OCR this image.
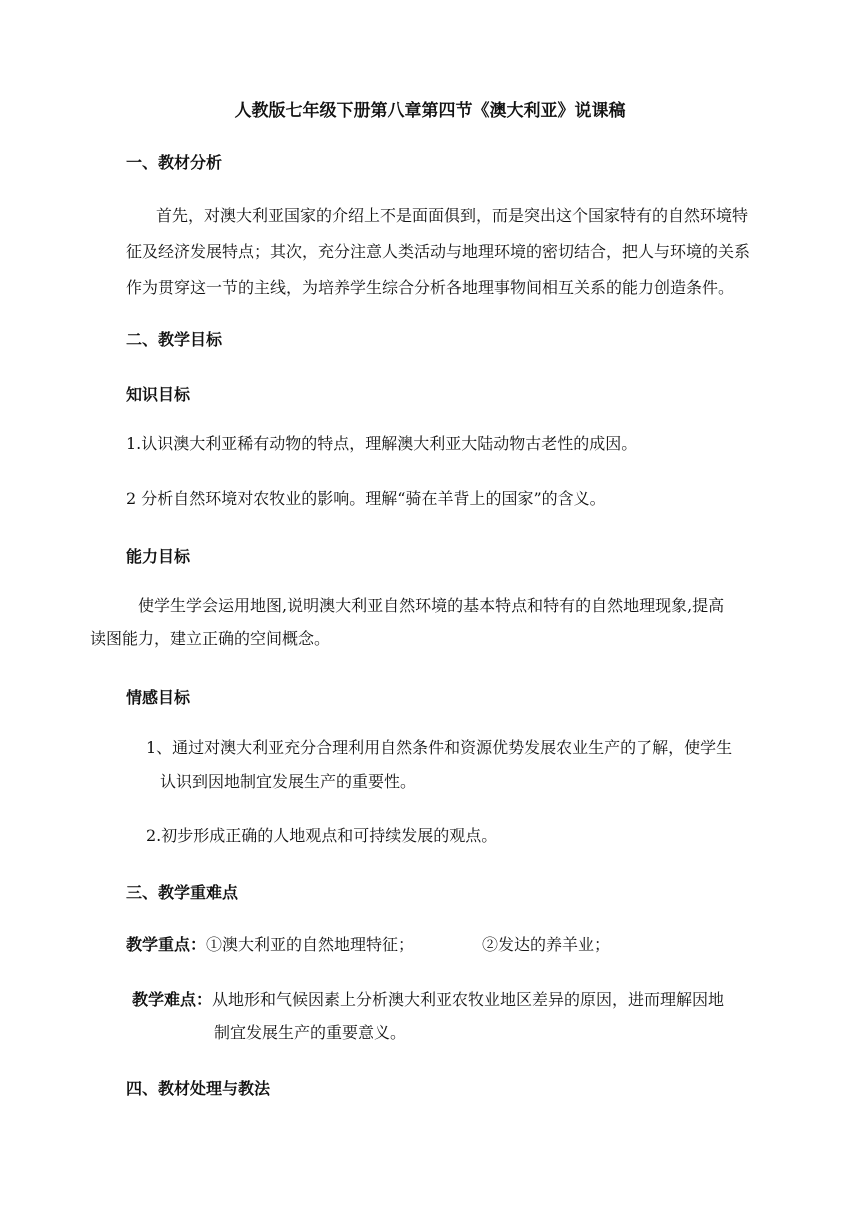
人教版七年级下册第八章第四节《澳大利亚》说课稿
一、教材分析
首先，对澳大利亚国家的介绍上不是面面俱到，而是突出这个国家特有的自然环境特
征及经济发展特点；其次，充分注意人类活动与地理环境的密切结合，把人与环境的关系
作为贯穿这一节的主线，为培养学生综合分析各地理事物间相互关系的能力创造条件。
二、教学目标
知识目标
1.认识澳大利亚稀有动物的特点，理解澳大利亚大陆动物古老性的成因。
2 分析自然环境对农牧业的影响。理解“骑在羊背上的国家”的含义。
能力目标
使学生学会运用地图,说明澳大利亚自然环境的基本特点和特有的自然地理现象,提高
读图能力，建立正确的空间概念。
情感目标
1、通过对澳大利亚充分合理利用自然条件和资源优势发展农业生产的了解，使学生
认识到因地制宜发展生产的重要性。
2.初步形成正确的人地观点和可持续发展的观点。
三、教学重难点
教学重点：①澳大利亚的自然地理特征；	②发达的养羊业；
教学难点：从地形和气候因素上分析澳大利亚农牧业地区差异的原因，进而理解因地
制宜发展生产的重要意义。
四、教材处理与教法
